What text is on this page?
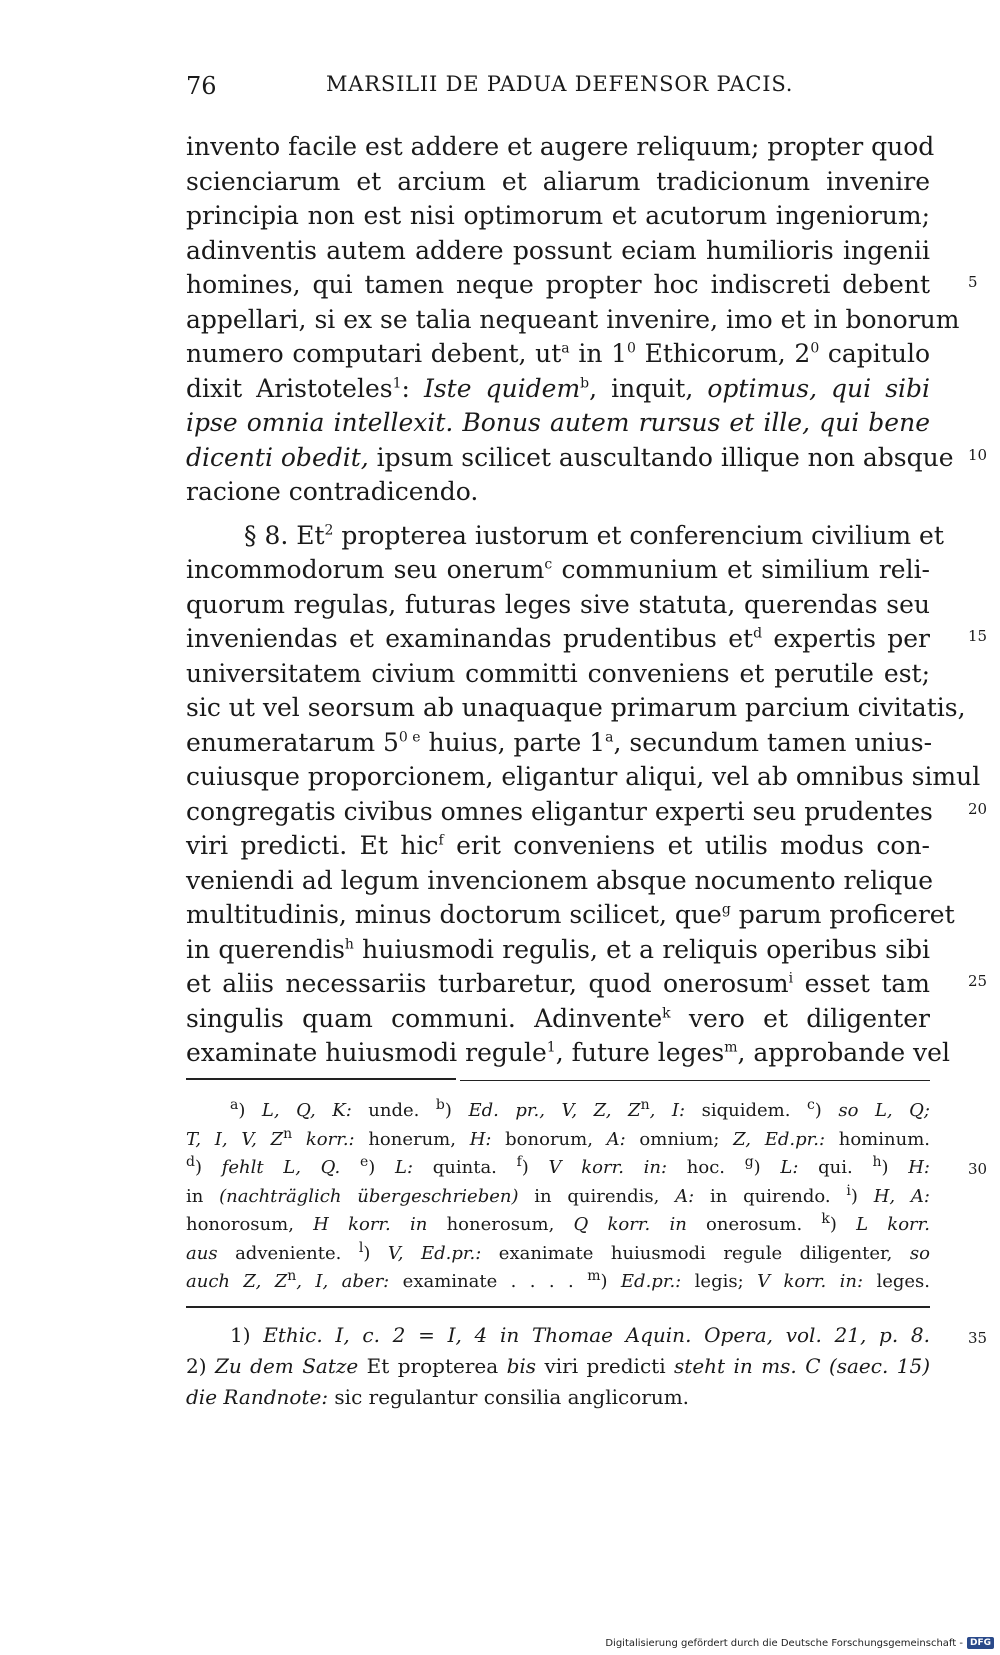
76	MARSILII DE PADUA DEFENSOR PACIS.
invento facile est addere et augere reliquum; propter quod
scienciarum et arcium et aliarum tradicionum invenire
principia non est nisi optimorum et acutorum ingeniorum;
adinventis autem addere possunt eciam humilioris ingenii
homines, qui tamen neque propter hoc indiscreti debent
appellari, si ex se talia nequeant invenire, imo et in bonorum
numero computari debent, $ut^a$ in $1^0$ Ethicorum, $2^0$ capitulo
dixit Aristoteles$^1$: Iste quidem$^b$, inquit, optimus, qui sibi
ipse omnia intellexit. Bonus autem rursus et ille, qui bene
dicenti obedit, ipsum scilicet auscultando illique non absque
racione contradicendo.
§ 8. Et$^2$ propterea iustorum et conferencium civilium et
incommodorum seu onerum$^c$ communium et similium reli-
quorum regulas, futuras leges sive statuta, querendas seu
inveniendas et examinandas prudentibus $et^d$ expertis per
universitatem civium committi conveniens et perutile est;
sic ut vel seorsum ab unaquaque primarum parcium civitatis,
enumeratarum $5^{0 e}$ huius, parte 1$^a$, secundum tamen unius-
cuiusque proporcionem, eligantur aliqui, vel ab omnibus simul
congregatis civibus omnes eligantur experti seu prudentes
viri predicti. Et hic$^f$ erit conveniens et utilis modus con-
veniendi ad legum invencionem absque nocumento relique
multitudinis, minus doctorum scilicet, que$^g$ parum proficeret
in querendis$^h$ huiusmodi regulis, et a reliquis operibus sibi
et aliis necessariis turbaretur, quod onerosum$^i$ esset tam
singulis quam communi. Adinvente$^k$ vero et diligenter
examinate huiusmodi regule$^1$, future leges$^m$, approbande vel
5
10
15
20
25
30
35
$^a$) L, Q, K: unde. $^b$) Ed. pr., V, Z, $Z^n$, I: siquidem. $^c$) so L, Q;
T, I, V, $Z^n$ korr.: honerum, H: bonorum, A: omnium; Z, Ed.pr.: hominum.
$^d$) fehlt L, Q. $^e$) L: quinta. $^f$) V korr. in: hoc. $^g$) L: qui. $^h$) H:
in (nachträglich übergeschrieben) in quirendis, A: in quirendo. $^i$) H, A:
honorosum, H korr. in honerosum, Q korr. in onerosum. $^k$) L korr.
aus adveniente. $^l$) V, Ed.pr.: exanimate huiusmodi regule diligenter, so
auch Z, $Z^n$, I, aber: examinate . . . . $^m$) Ed.pr.: legis; V korr. in: leges.
1) Ethic. I, c. 2 = I, 4 in Thomae Aquin. Opera, vol. 21, p. 8.
2) Zu dem Satze Et propterea bis viri predicti steht in ms. C (saec. 15)
die Randnote: sic regulantur consilia anglicorum.
Digitalisierung gefördert durch die Deutsche Forschungsgemeinschaft - DFG
